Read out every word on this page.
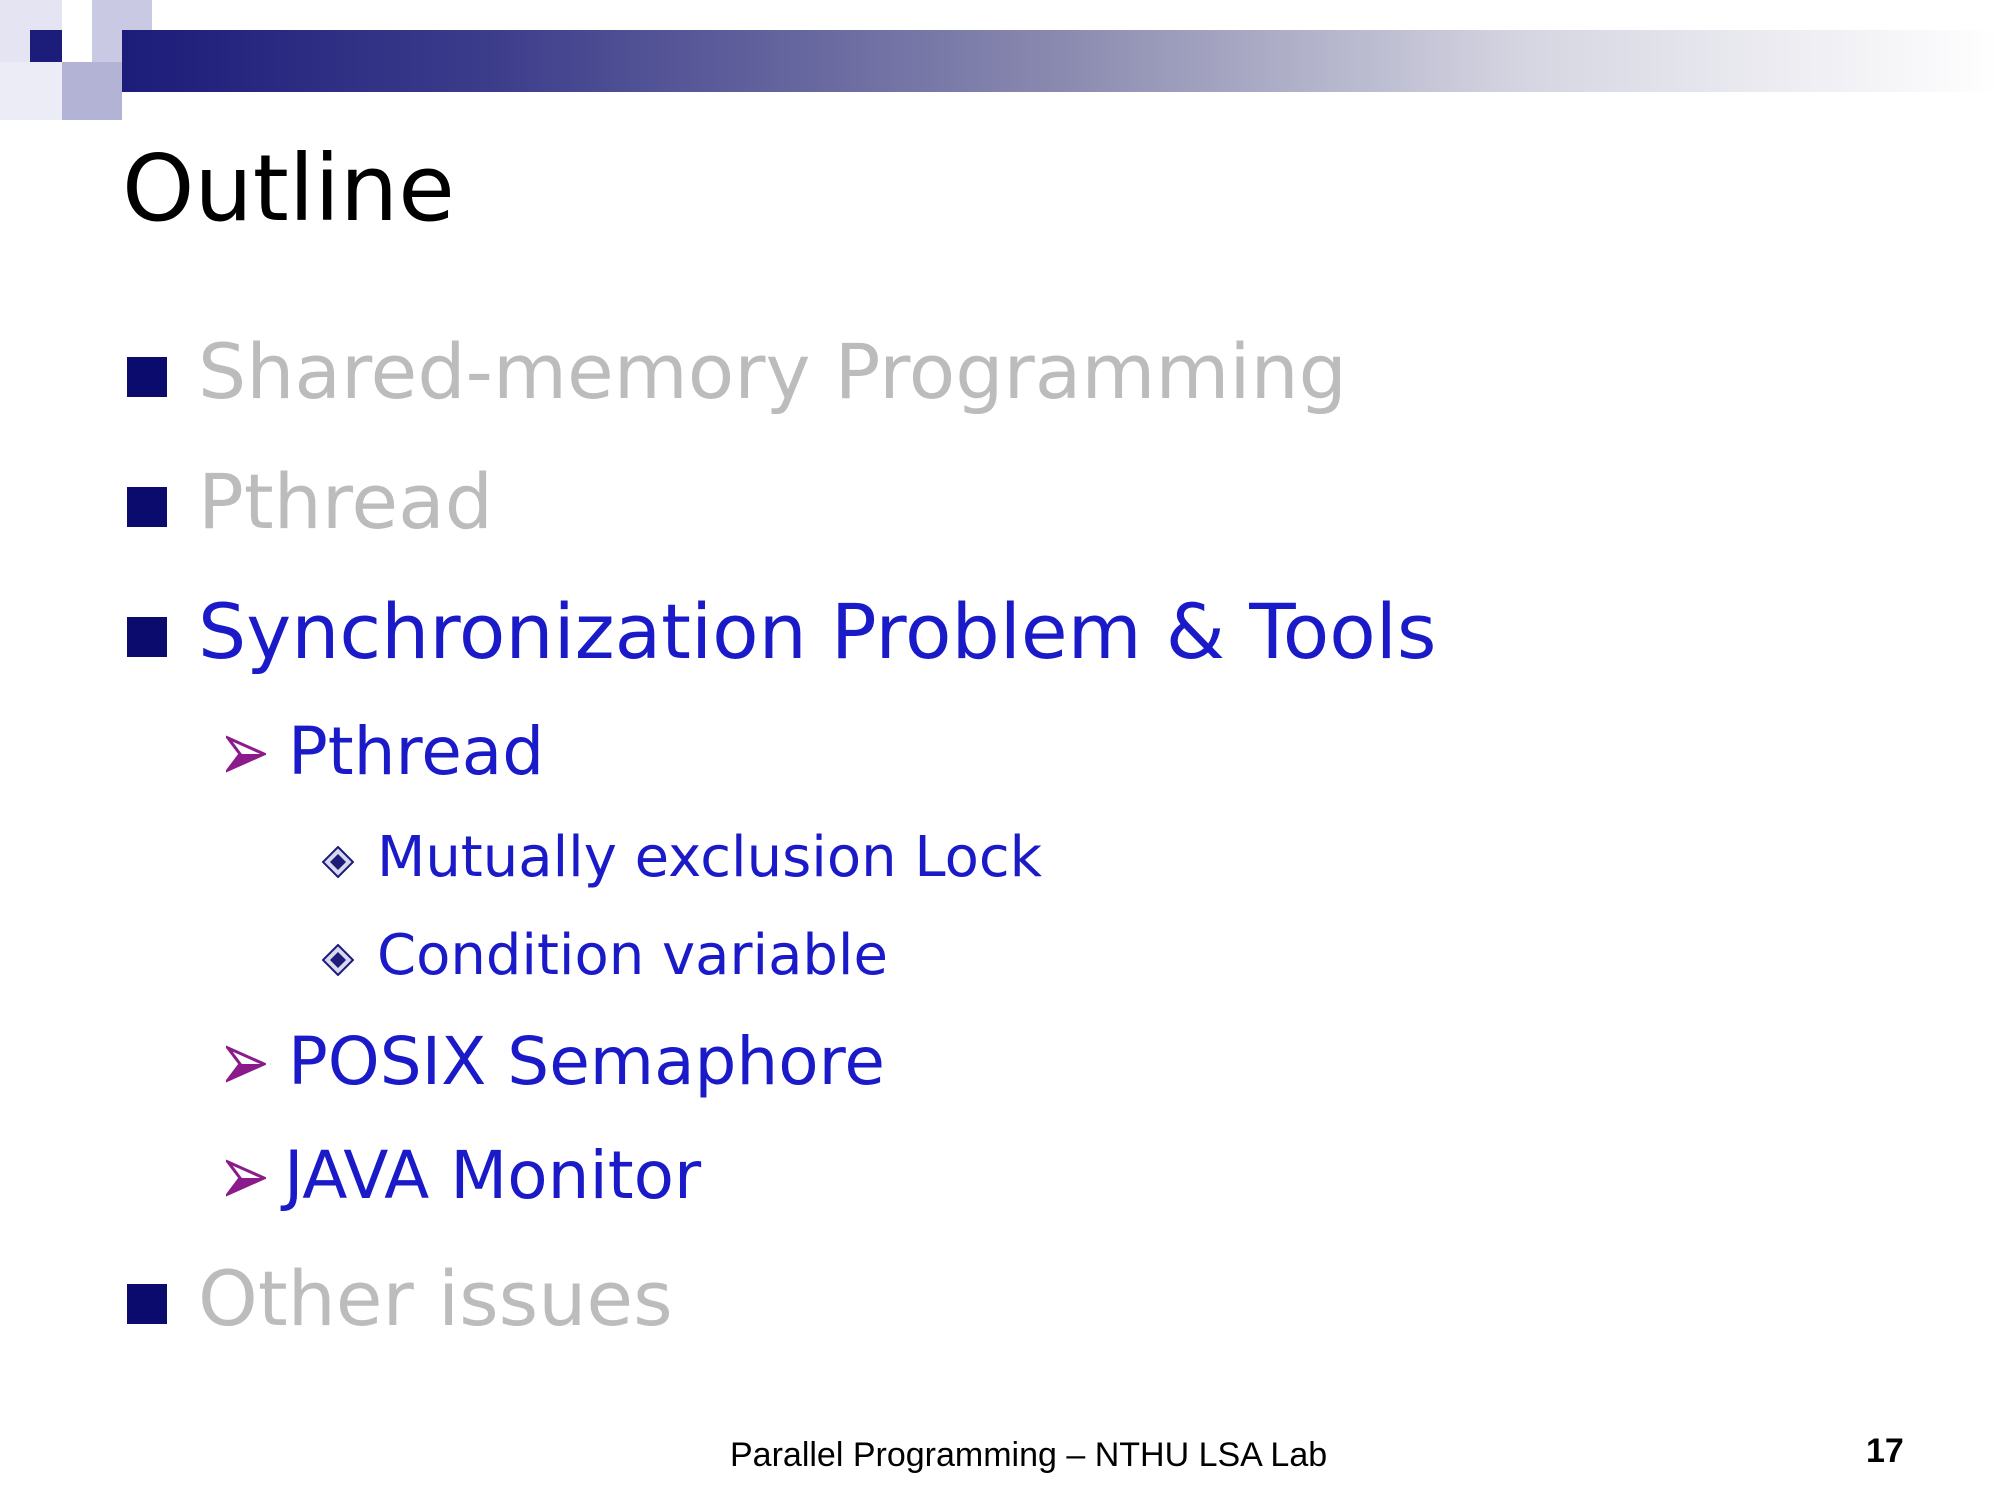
Outline
Shared-memory Programming
Pthread
Synchronization Problem & Tools
Pthread
Mutually exclusion Lock
Condition variable
POSIX Semaphore
JAVA Monitor
Other issues
Parallel Programming – NTHU LSA Lab	17
